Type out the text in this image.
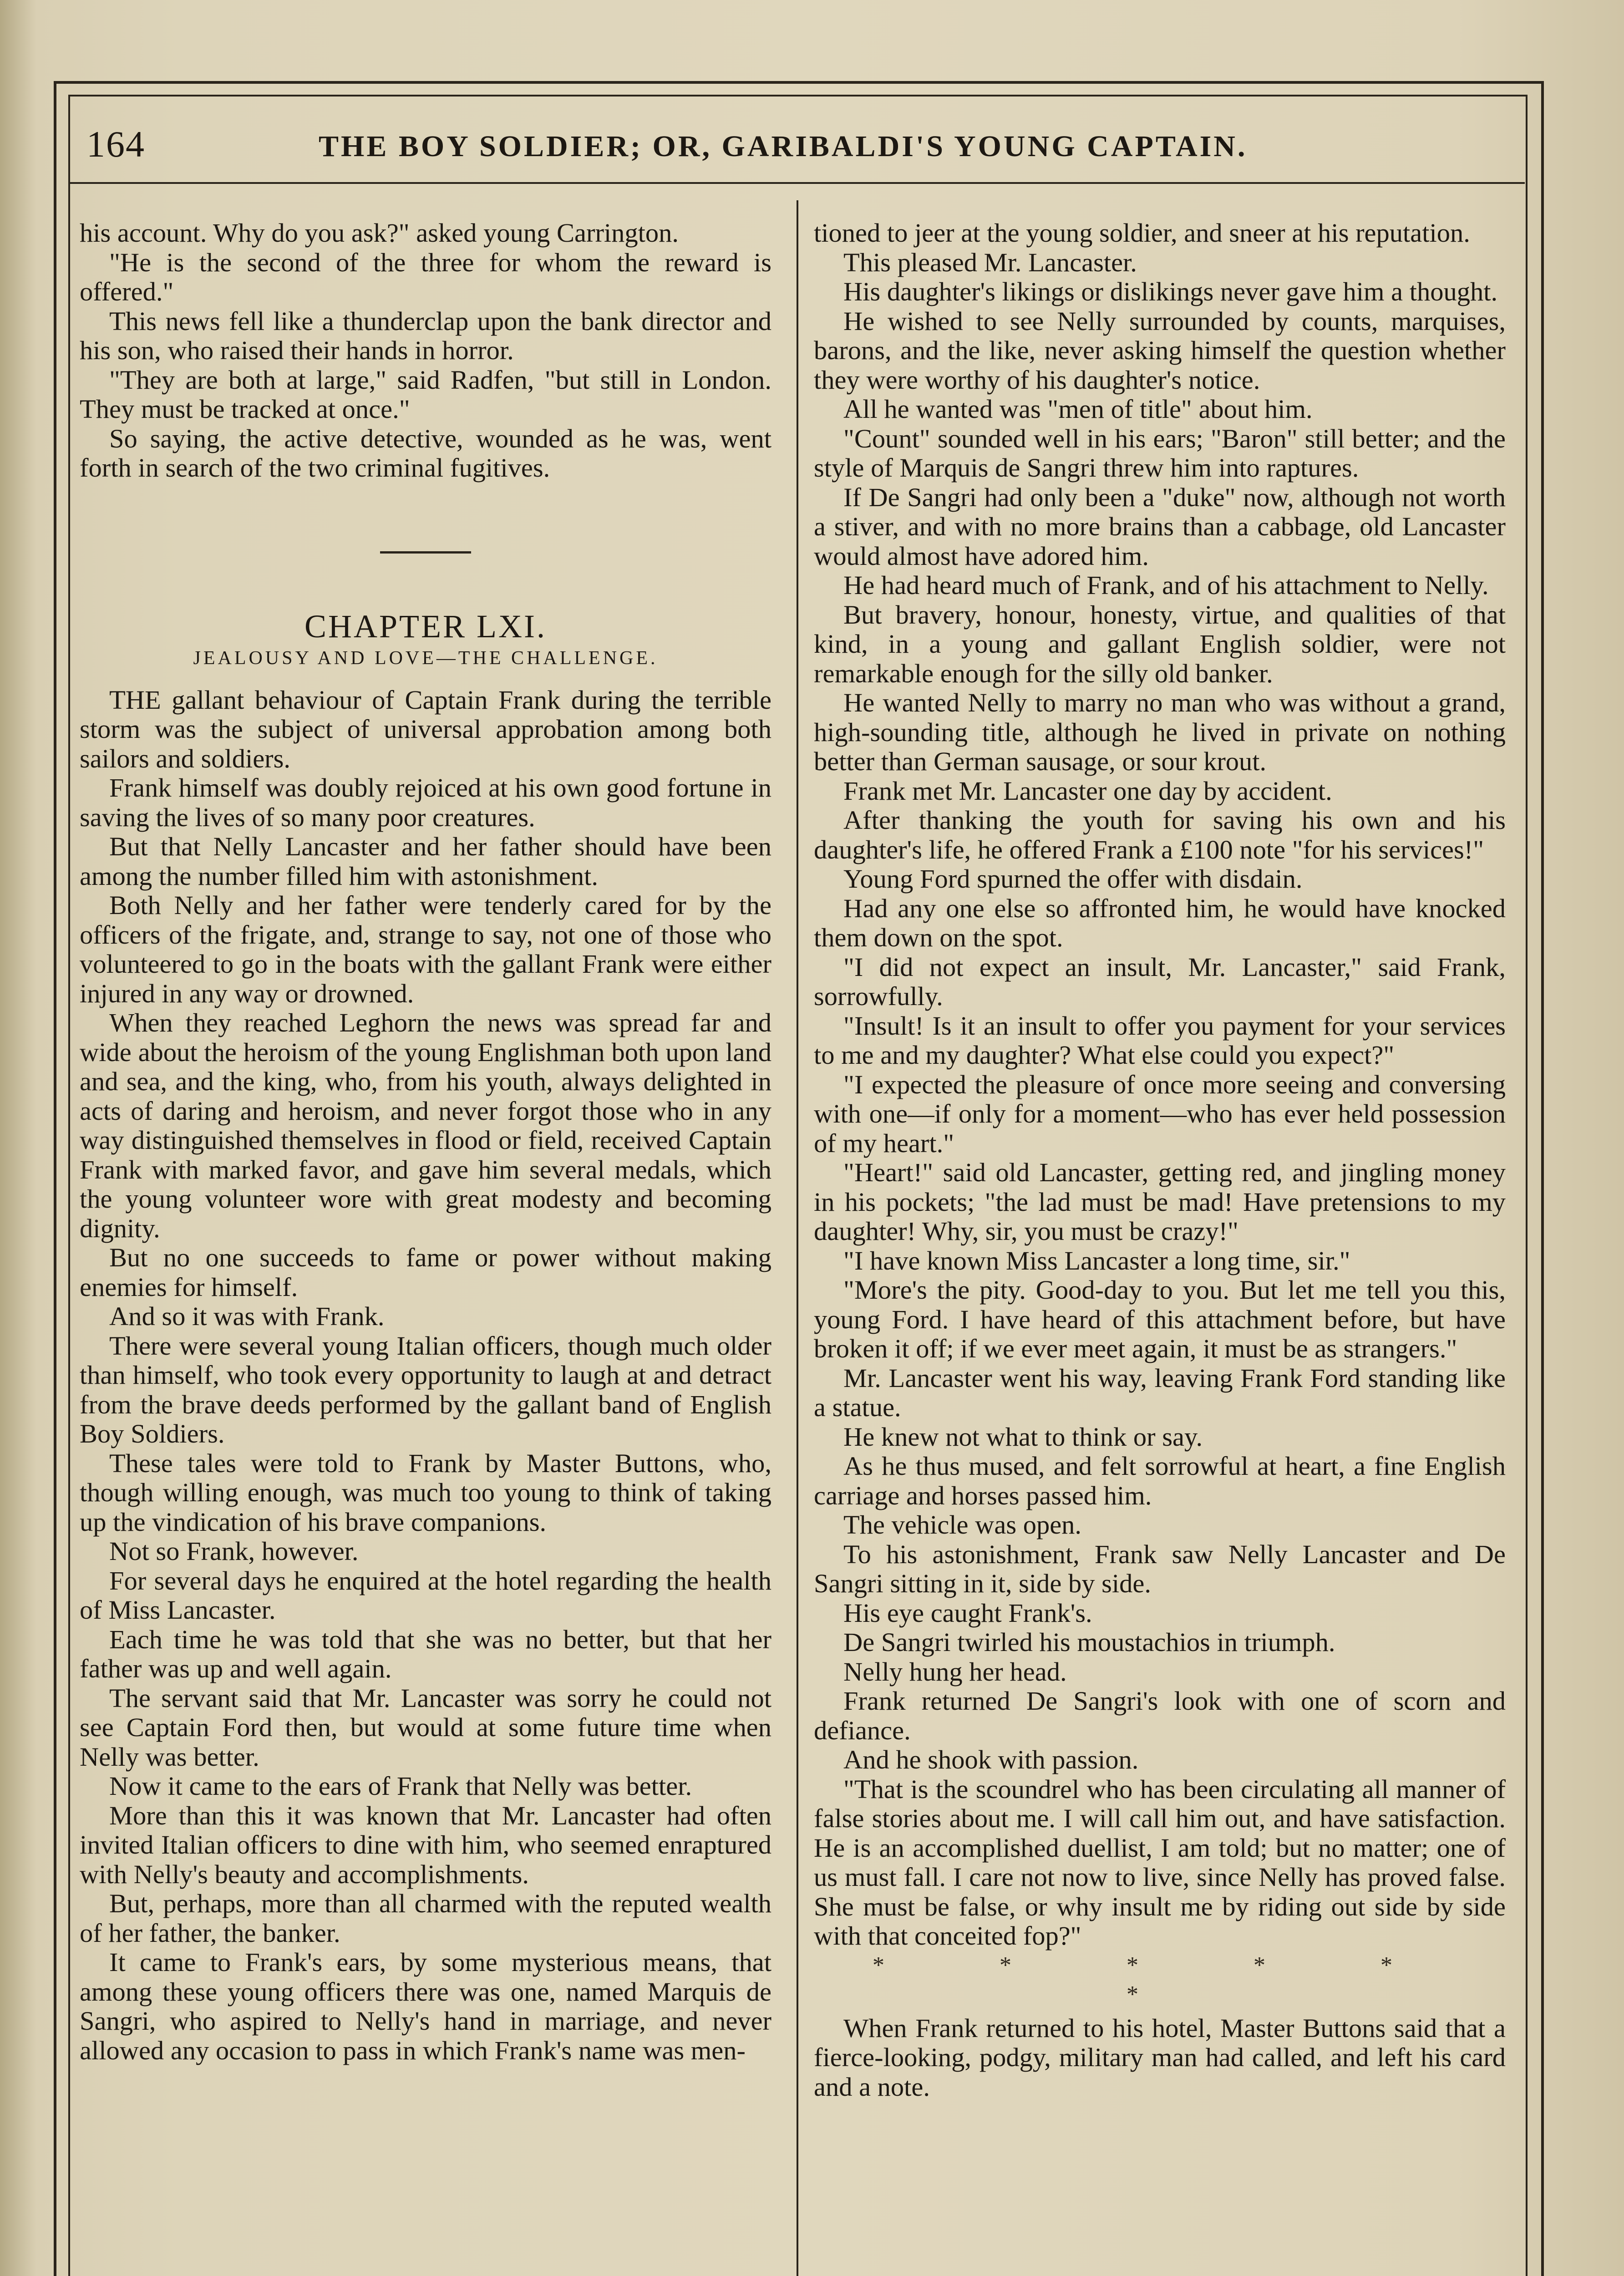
164	THE BOY SOLDIER; OR, GARIBALDI'S YOUNG CAPTAIN.

his account. Why do you ask?" asked young Carrington.

"He is the second of the three for whom the reward is offered."

This news fell like a thunderclap upon the bank director and his son, who raised their hands in horror.

"They are both at large," said Radfen, "but still in London. They must be tracked at once."

So saying, the active detective, wounded as he was, went forth in search of the two criminal fugitives.

CHAPTER LXI.
JEALOUSY AND LOVE—THE CHALLENGE.

THE gallant behaviour of Captain Frank during the terrible storm was the subject of universal approbation among both sailors and soldiers.

Frank himself was doubly rejoiced at his own good fortune in saving the lives of so many poor creatures.

But that Nelly Lancaster and her father should have been among the number filled him with astonishment.

Both Nelly and her father were tenderly cared for by the officers of the frigate, and, strange to say, not one of those who volunteered to go in the boats with the gallant Frank were either injured in any way or drowned.

When they reached Leghorn the news was spread far and wide about the heroism of the young Englishman both upon land and sea, and the king, who, from his youth, always delighted in acts of daring and heroism, and never forgot those who in any way distinguished themselves in flood or field, received Captain Frank with marked favor, and gave him several medals, which the young volunteer wore with great modesty and becoming dignity.

But no one succeeds to fame or power without making enemies for himself.

And so it was with Frank.

There were several young Italian officers, though much older than himself, who took every opportunity to laugh at and detract from the brave deeds performed by the gallant band of English Boy Soldiers.

These tales were told to Frank by Master Buttons, who, though willing enough, was much too young to think of taking up the vindication of his brave companions.

Not so Frank, however.

For several days he enquired at the hotel regarding the health of Miss Lancaster.

Each time he was told that she was no better, but that her father was up and well again.

The servant said that Mr. Lancaster was sorry he could not see Captain Ford then, but would at some future time when Nelly was better.

Now it came to the ears of Frank that Nelly was better.

More than this it was known that Mr. Lancaster had often invited Italian officers to dine with him, who seemed enraptured with Nelly's beauty and accomplishments.

But, perhaps, more than all charmed with the reputed wealth of her father, the banker.

It came to Frank's ears, by some mysterious means, that among these young officers there was one, named Marquis de Sangri, who aspired to Nelly's hand in marriage, and never allowed any occasion to pass in which Frank's name was men-

tioned to jeer at the young soldier, and sneer at his reputation.

This pleased Mr. Lancaster.

His daughter's likings or dislikings never gave him a thought.

He wished to see Nelly surrounded by counts, marquises, barons, and the like, never asking himself the question whether they were worthy of his daughter's notice.

All he wanted was "men of title" about him.

"Count" sounded well in his ears; "Baron" still better; and the style of Marquis de Sangri threw him into raptures.

If De Sangri had only been a "duke" now, although not worth a stiver, and with no more brains than a cabbage, old Lancaster would almost have adored him.

He had heard much of Frank, and of his attachment to Nelly.

But bravery, honour, honesty, virtue, and qualities of that kind, in a young and gallant English soldier, were not remarkable enough for the silly old banker.

He wanted Nelly to marry no man who was without a grand, high-sounding title, although he lived in private on nothing better than German sausage, or sour krout.

Frank met Mr. Lancaster one day by accident.

After thanking the youth for saving his own and his daughter's life, he offered Frank a £100 note "for his services!"

Young Ford spurned the offer with disdain.

Had any one else so affronted him, he would have knocked them down on the spot.

"I did not expect an insult, Mr. Lancaster," said Frank, sorrowfully.

"Insult! Is it an insult to offer you payment for your services to me and my daughter? What else could you expect?"

"I expected the pleasure of once more seeing and conversing with one—if only for a moment—who has ever held possession of my heart."

"Heart!" said old Lancaster, getting red, and jingling money in his pockets; "the lad must be mad! Have pretensions to my daughter! Why, sir, you must be crazy!"

"I have known Miss Lancaster a long time, sir."

"More's the pity. Good-day to you. But let me tell you this, young Ford. I have heard of this attachment before, but have broken it off; if we ever meet again, it must be as strangers."

Mr. Lancaster went his way, leaving Frank Ford standing like a statue.

He knew not what to think or say.

As he thus mused, and felt sorrowful at heart, a fine English carriage and horses passed him.

The vehicle was open.

To his astonishment, Frank saw Nelly Lancaster and De Sangri sitting in it, side by side.

His eye caught Frank's.

De Sangri twirled his moustachios in triumph.

Nelly hung her head.

Frank returned De Sangri's look with one of scorn and defiance.

And he shook with passion.

"That is the scoundrel who has been circulating all manner of false stories about me. I will call him out, and have satisfaction. He is an accomplished duellist, I am told; but no matter; one of us must fall. I care not now to live, since Nelly has proved false. She must be false, or why insult me by riding out side by side with that conceited fop?"

* * * * * *

When Frank returned to his hotel, Master Buttons said that a fierce-looking, podgy, military man had called, and left his card and a note.
